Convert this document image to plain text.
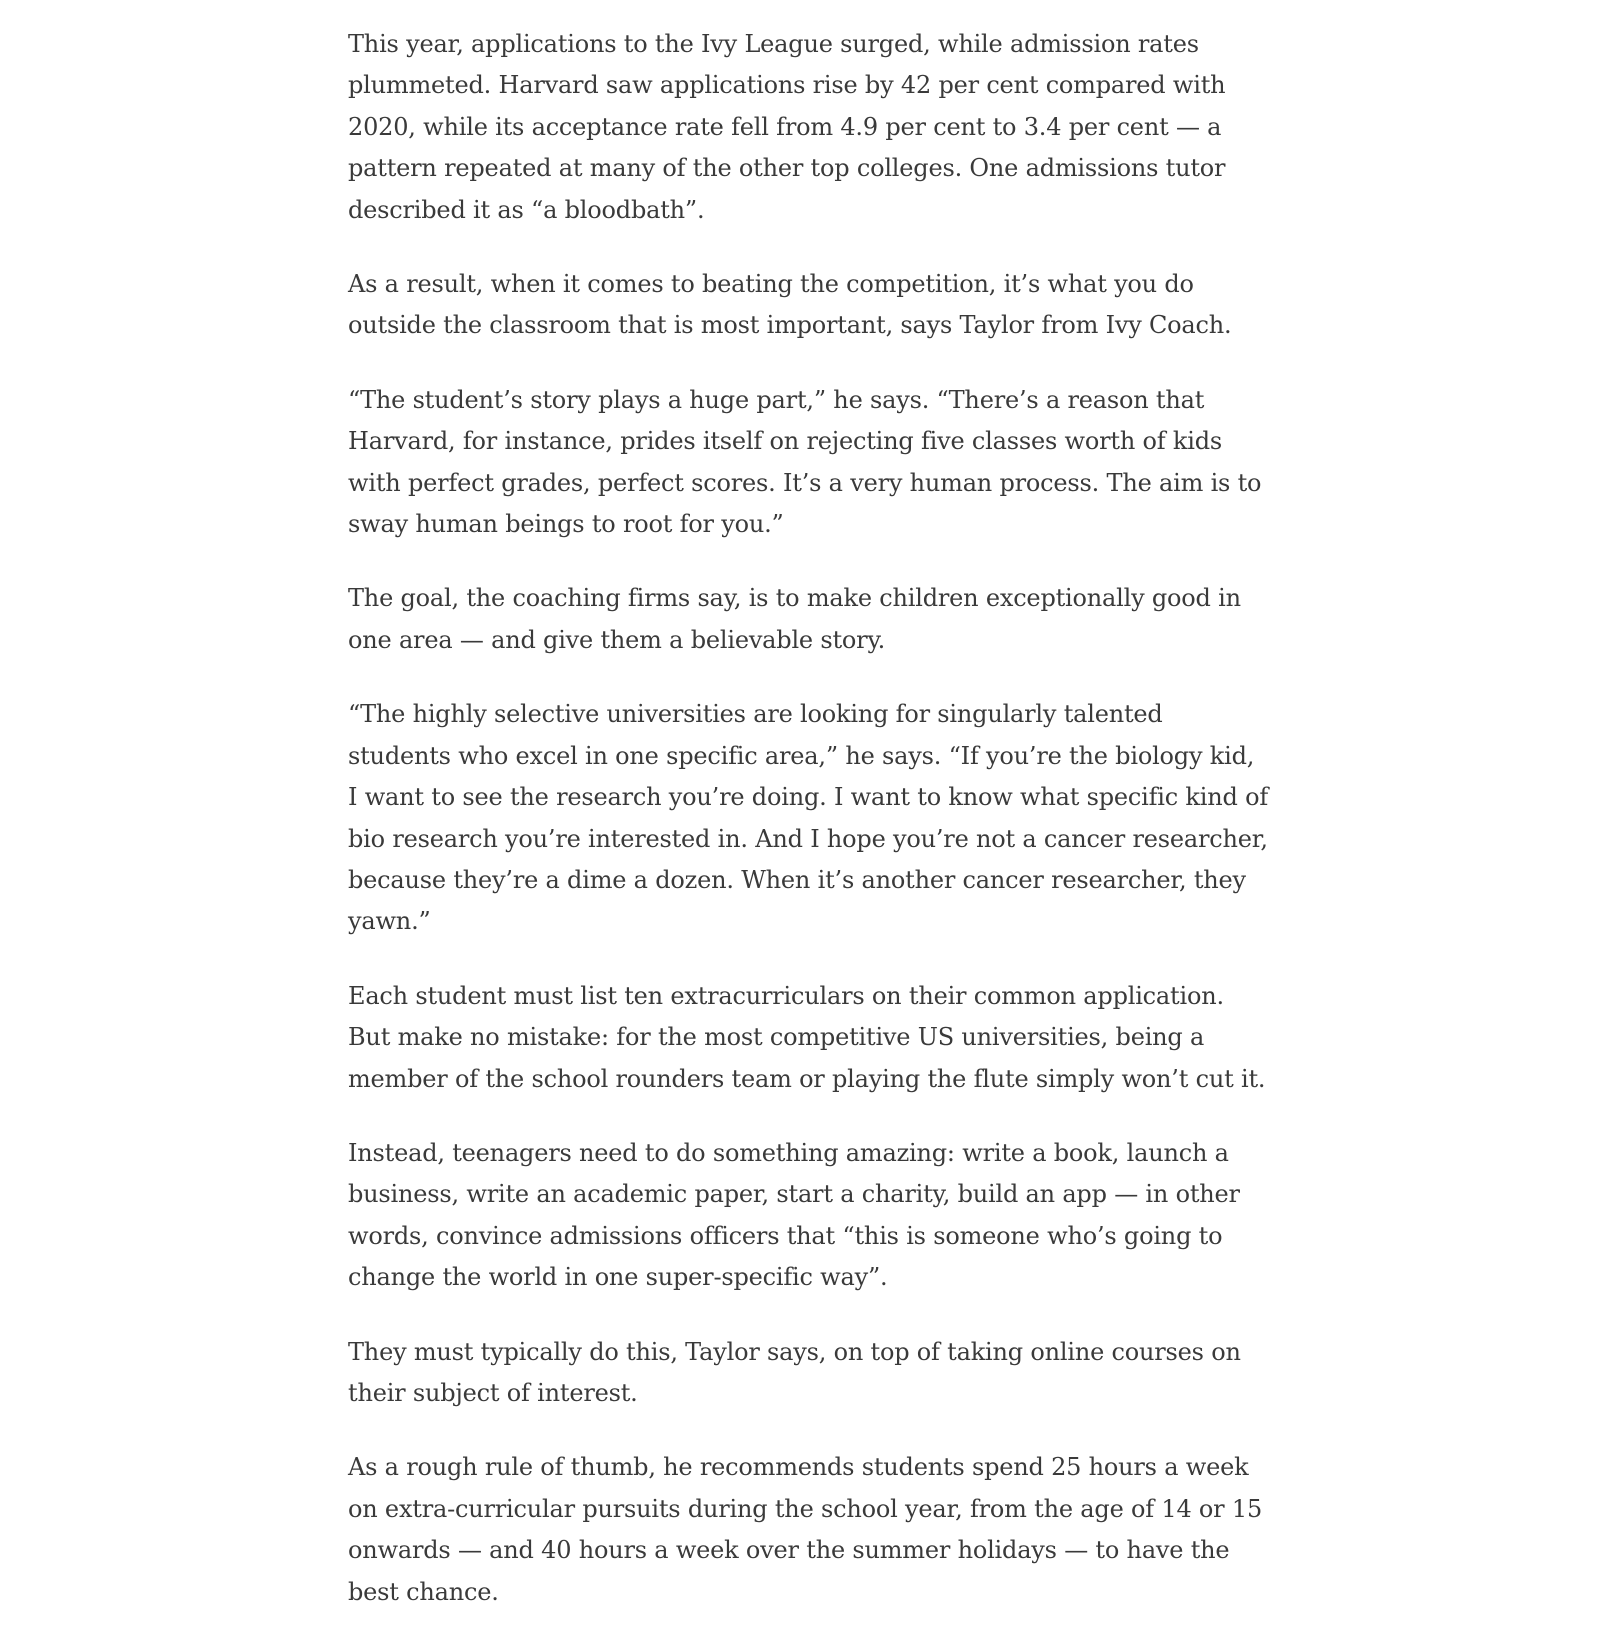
This year, applications to the Ivy League surged, while admission rates plummeted. Harvard saw applications rise by 42 per cent compared with 2020, while its acceptance rate fell from 4.9 per cent to 3.4 per cent — a pattern repeated at many of the other top colleges. One admissions tutor described it as “a bloodbath”.

As a result, when it comes to beating the competition, it’s what you do outside the classroom that is most important, says Taylor from Ivy Coach.

“The student’s story plays a huge part,” he says. “There’s a reason that Harvard, for instance, prides itself on rejecting five classes worth of kids with perfect grades, perfect scores. It’s a very human process. The aim is to sway human beings to root for you.”

The goal, the coaching firms say, is to make children exceptionally good in one area — and give them a believable story.

“The highly selective universities are looking for singularly talented students who excel in one specific area,” he says. “If you’re the biology kid, I want to see the research you’re doing. I want to know what specific kind of bio research you’re interested in. And I hope you’re not a cancer researcher, because they’re a dime a dozen. When it’s another cancer researcher, they yawn.”

Each student must list ten extracurriculars on their common application. But make no mistake: for the most competitive US universities, being a member of the school rounders team or playing the flute simply won’t cut it.

Instead, teenagers need to do something amazing: write a book, launch a business, write an academic paper, start a charity, build an app — in other words, convince admissions officers that “this is someone who’s going to change the world in one super-specific way”.

They must typically do this, Taylor says, on top of taking online courses on their subject of interest.

As a rough rule of thumb, he recommends students spend 25 hours a week on extra-curricular pursuits during the school year, from the age of 14 or 15 onwards — and 40 hours a week over the summer holidays — to have the best chance.
